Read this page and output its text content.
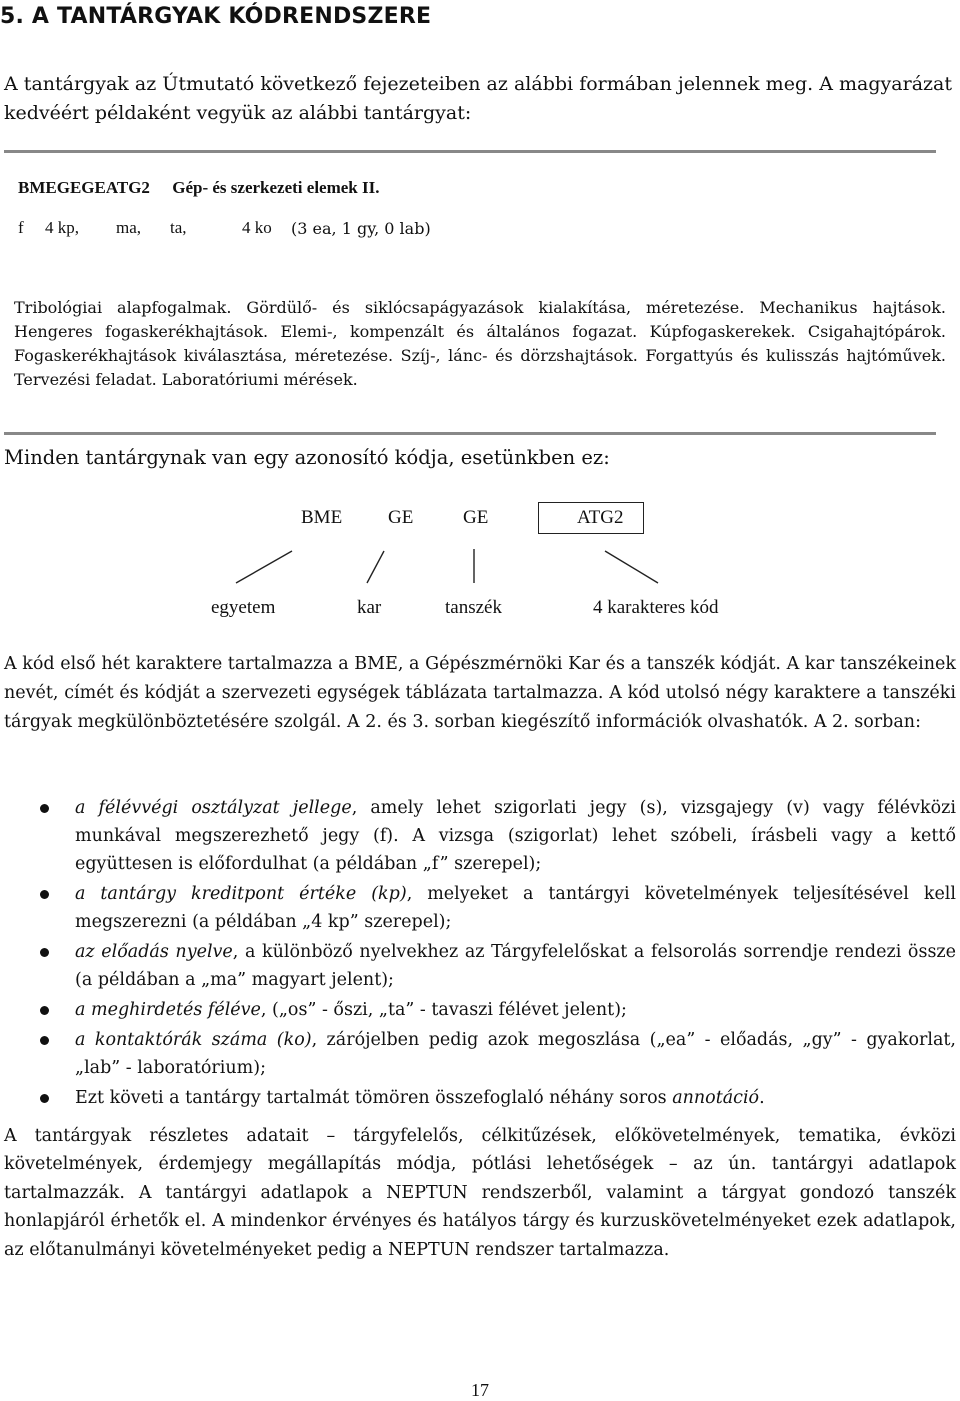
5. A TANTÁRGYAK KÓDRENDSZERE

A tantárgyak az Útmutató következő fejezeteiben az alábbi formában jelennek meg. A magyarázat kedvéért példaként vegyük az alábbi tantárgyat:

BMEGEGEATG2 Gép- és szerkezeti elemek II.
f 4 kp, ma, ta,	4 ko (3 ea, 1 gy, 0 lab)

Tribológiai alapfogalmak. Gördülő- és siklócsapágyazások kialakítása, méretezése. Mechanikus hajtások. Hengeres fogaskerékhajtások. Elemi-, kompenzált és általános fogazat. Kúpfogaskerekek. Csigahajtópárok. Fogaskerékhajtások kiválasztása, méretezése. Szíj-, lánc- és dörzshajtások. Forgattyús és kulisszás hajtóművek. Tervezési feladat. Laboratóriumi mérések.

Minden tantárgynak van egy azonosító kódja, esetünkben ez:

BME GE	GE	ATG2
egyetem	kar	tanszék	4 karakteres kód

A kód első hét karaktere tartalmazza a BME, a Gépészmérnöki Kar és a tanszék kódját. A kar tanszékeinek nevét, címét és kódját a szervezeti egységek táblázata tartalmazza. A kód utolsó négy karaktere a tanszéki tárgyak megkülönböztetésére szolgál. A 2. és 3. sorban kiegészítő információk olvashatók. A 2. sorban:

a félévvégi osztályzat jellege, amely lehet szigorlati jegy (s), vizsgajegy (v) vagy félévközi munkával megszerezhető jegy (f). A vizsga (szigorlat) lehet szóbeli, írásbeli vagy a kettő együttesen is előfordulhat (a példában „f” szerepel);
a tantárgy kreditpont értéke (kp), melyeket a tantárgyi követelmények teljesítésével kell megszerezni (a példában „4 kp” szerepel);
az előadás nyelve, a különböző nyelvekhez az Tárgyfelelőskat a felsorolás sorrendje rendezi össze (a példában a „ma” magyart jelent);
a meghirdetés féléve, („os” - őszi, „ta” - tavaszi félévet jelent);
a kontaktórák száma (ko), zárójelben pedig azok megoszlása („ea” - előadás, „gy” - gyakorlat, „lab” - laboratórium);
Ezt követi a tantárgy tartalmát tömören összefoglaló néhány soros annotáció.

A tantárgyak részletes adatait – tárgyfelelős, célkitűzések, előkövetelmények, tematika, évközi követelmények, érdemjegy megállapítás módja, pótlási lehetőségek – az ún. tantárgyi adatlapok tartalmazzák. A tantárgyi adatlapok a NEPTUN rendszerből, valamint a tárgyat gondozó tanszék honlapjáról érhetők el. A mindenkor érvényes és hatályos tárgy és kurzuskövetelményeket ezek adatlapok, az előtanulmányi követelményeket pedig a NEPTUN rendszer tartalmazza.

17
